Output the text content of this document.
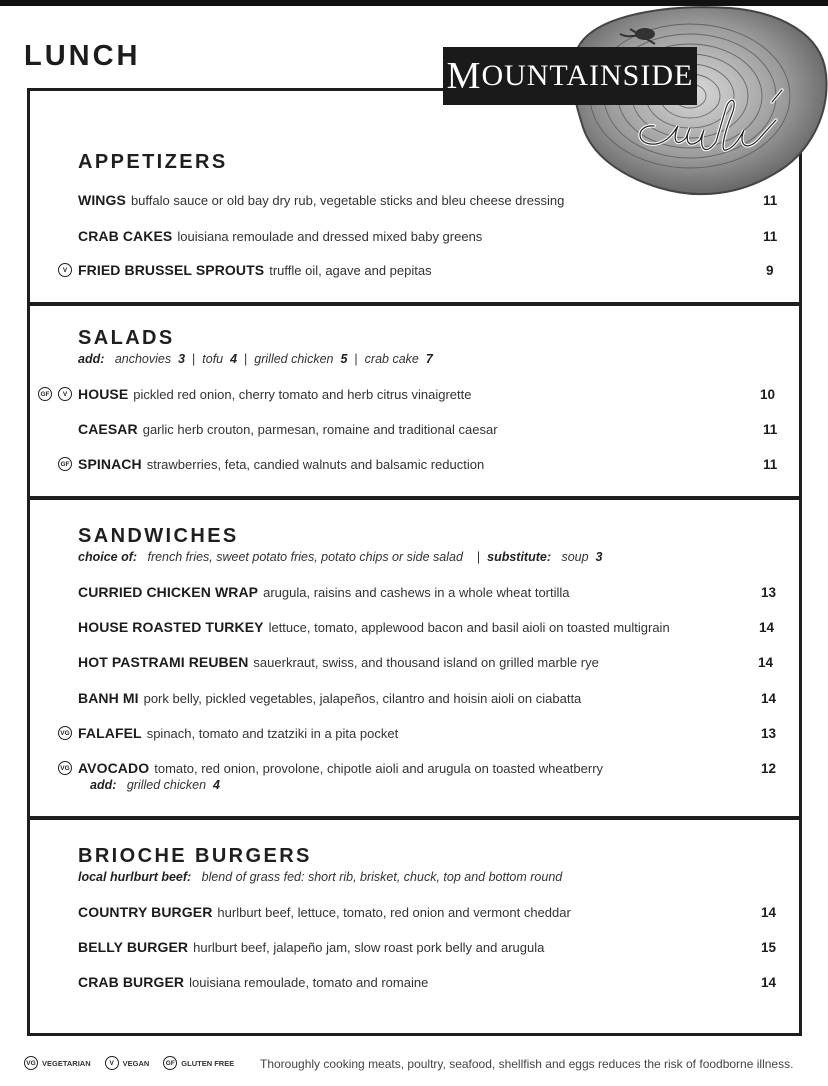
LUNCH	M OUNTAINSIDE
APPETIZERS
WINGS buffalo sauce or old bay dry rub, vegetable sticks and bleu cheese dressing	11
CRAB CAKES louisiana remoulade and dressed mixed baby greens	11
V FRIED BRUSSEL SPROUTS truffle oil, agave and pepitas	9
SALADS
add: anchovies 3 | tofu 4 | grilled chicken 5 | crab cake 7
GF	V HOUSE pickled red onion, cherry tomato and herb citrus vinaigrette	10
CAESAR garlic herb crouton, parmesan, romaine and traditional caesar	11
GF SPINACH strawberries, feta, candied walnuts and balsamic reduction	11
SANDWICHES
choice of: french fries, sweet potato fries, potato chips or side salad  | substitute: soup 3
CURRIED CHICKEN WRAP arugula, raisins and cashews in a whole wheat tortilla	13
HOUSE ROASTED TURKEY lettuce, tomato, applewood bacon and basil aioli on toasted multigrain	14
HOT PASTRAMI REUBEN sauerkraut, swiss, and thousand island on grilled marble rye	14
BANH MI pork belly, pickled vegetables, jalapeños, cilantro and hoisin aioli on ciabatta	14
VG FALAFEL spinach, tomato and tzatziki in a pita pocket	13
VG AVOCADO tomato, red onion, provolone, chipotle aioli and arugula on toasted wheatberry	12
add: grilled chicken 4
BRIOCHE BURGERS
local hurlburt beef: blend of grass fed: short rib, brisket, chuck, top and bottom round
COUNTRY BURGER hurlburt beef, lettuce, tomato, red onion and vermont cheddar	14
BELLY BURGER hurlburt beef, jalapeño jam, slow roast pork belly and arugula	15
CRAB BURGER louisiana remoulade, tomato and romaine	14
VG VEGETARIAN	V	VEGAN	GF GLUTEN FREE Thoroughly cooking meats, poultry, seafood, shellfish and eggs reduces the risk of foodborne illness.
